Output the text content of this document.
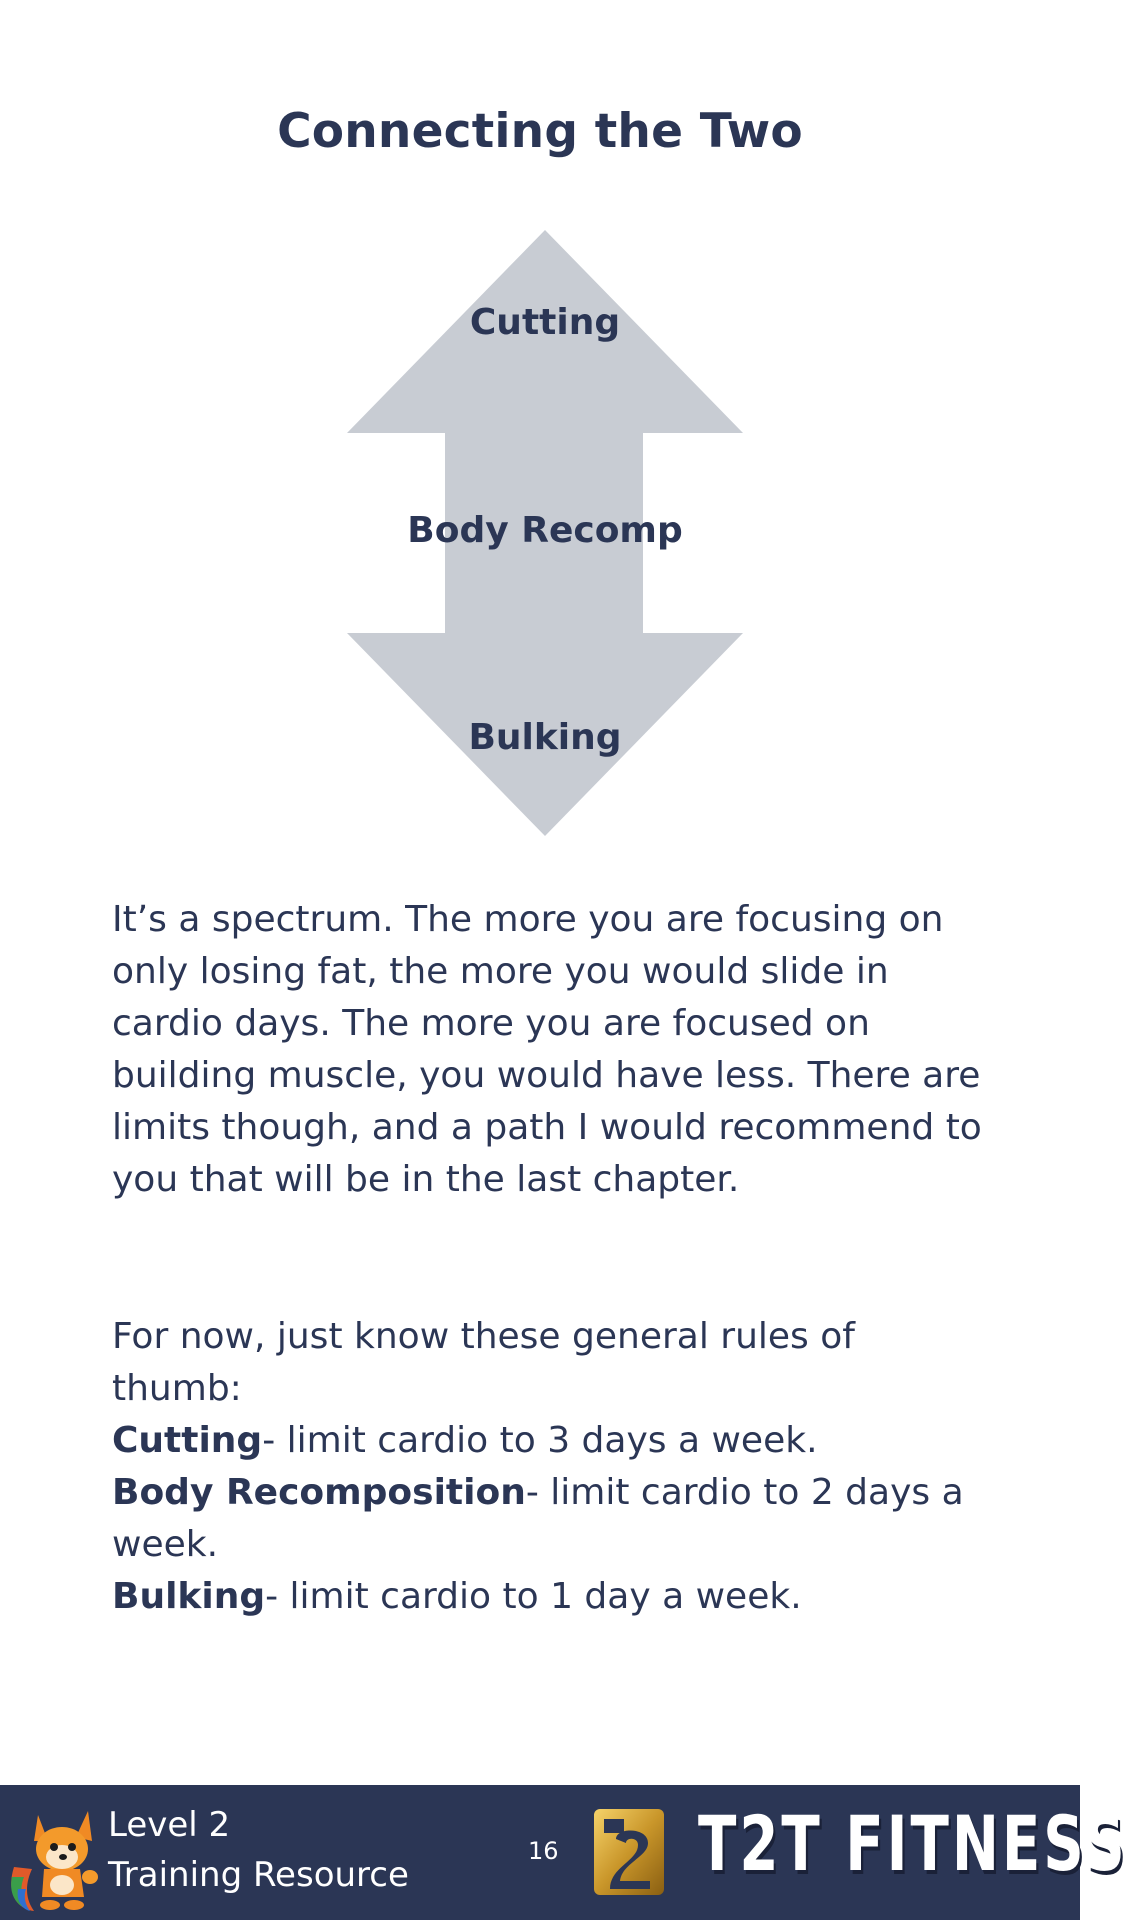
Connecting the Two
Cutting
Body Recomp
Bulking
It’s a spectrum. The more you are focusing on only losing fat, the more you would slide in cardio days. The more you are focused on building muscle, you would have less. There are limits though, and a path I would recommend to you that will be in the last chapter.
For now, just know these general rules of thumb:
Cutting- limit cardio to 3 days a week.
Body Recomposition- limit cardio to 2 days a week.
Bulking- limit cardio to 1 day a week.
Level 2
Training Resource
16 T2T FITNESS
